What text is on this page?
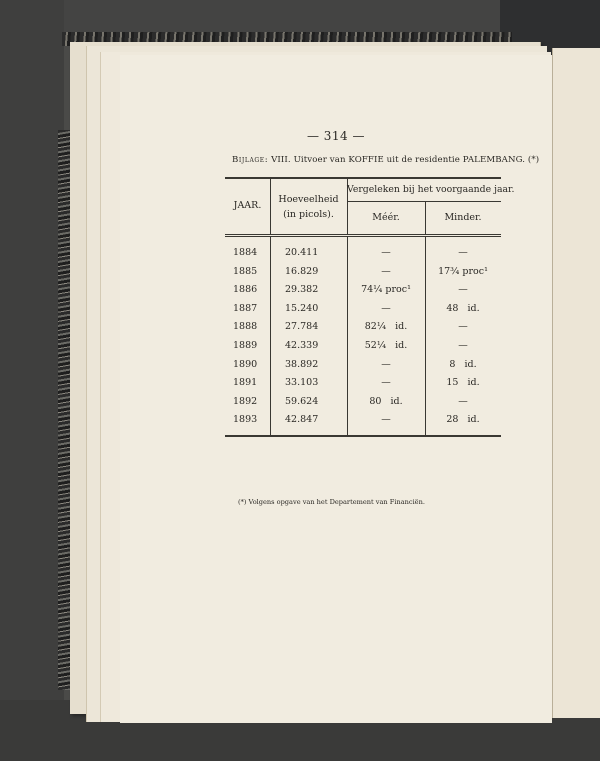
— 314 —
Bijlage: VIII. Uitvoer van KOFFIE uit de residentie PALEMBANG. (*)
JAAR.
Hoeveelheid
(in picols).
Vergeleken bij het voorgaande jaar.
Méér.	Minder.
1884	20.411	—	—
1885	16.829	—	17¾ proc¹
1886	29.382	74¼ proc¹	—
1887	15.240	—	48   id.
1888	27.784	82¼   id.	—
1889	42.339	52¼   id.	—
1890	38.892	—	8   id.
1891	33.103	—	15   id.
1892	59.624	80   id.	—
1893	42.847	—	28   id.
(*) Volgens opgave van het Departement van Financiën.
